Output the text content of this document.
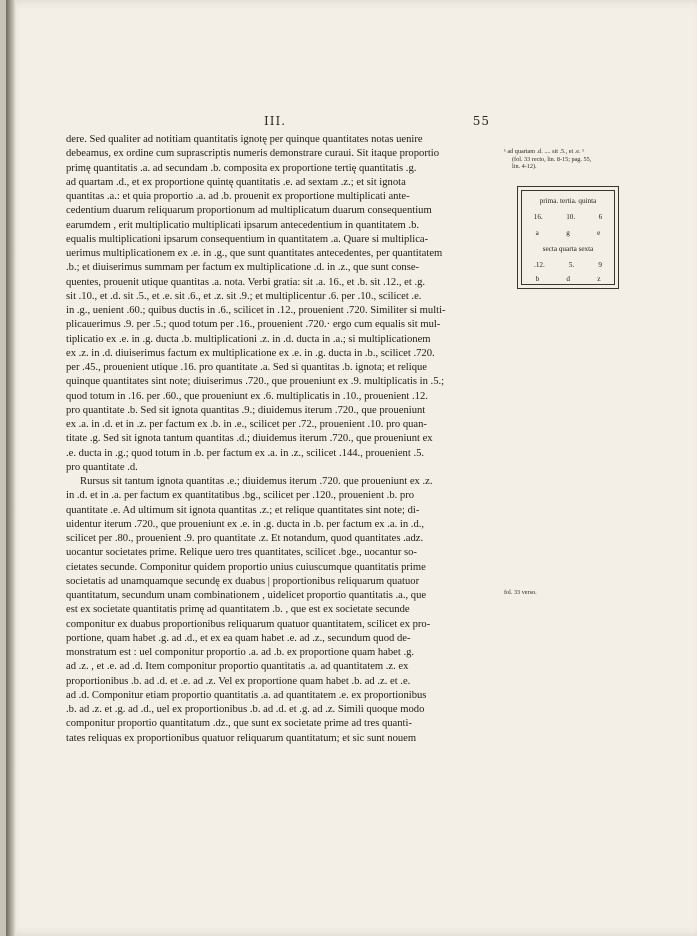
III.	55

dere. Sed qualiter ad notitiam quantitatis ignotę per quinque quantitates notas uenire

debeamus, ex ordine cum suprascriptis numeris demonstrare curaui. Sit itaque proportio

primę quantitatis .a. ad secundam .b. composita ex proportione tertię quantitatis .g.

ad quartam .d., et ex proportione quintę quantitatis .e. ad sextam .z.; et sit ignota

quantitas .a.: et quia proportio .a. ad .b. prouenit ex proportione multiplicati ante-

cedentium duarum reliquarum proportionum ad multiplicatum duarum consequentium

earumdem , erit multiplicatio multiplicati ipsarum antecedentium in quantitatem .b.

equalis multiplicationi ipsarum consequentium in quantitatem .a. Quare si multiplica-

uerimus multiplicationem ex .e. in .g., que sunt quantitates antecedentes, per quantitatem

.b.; et diuiserimus summam per factum ex multiplicatione .d. in .z., que sunt conse-

quentes, prouenit utique quantitas .a. nota. Verbi gratia: sit .a. 16., et .b. sit .12., et .g.

sit .10., et .d. sit .5., et .e. sit .6., et .z. sit .9.; et multiplicentur .6. per .10., scilicet .e.

in .g., uenient .60.; quibus ductis in .6., scilicet in .12., prouenient .720. Similiter si multi-

plicauerimus .9. per .5.; quod totum per .16., prouenient .720.· ergo cum equalis sit mul-

tiplicatio ex .e. in .g. ducta .b. multiplicationi .z. in .d. ducta in .a.; si multiplicationem

ex .z. in .d. diuiserimus factum ex multiplicatione ex .e. in .g. ducta in .b., scilicet .720.

per .45., prouenient utique .16. pro quantitate .a. Sed si quantitas .b. ignota; et relique

quinque quantitates sint note; diuiserimus .720., que proueniunt ex .9. multiplicatis in .5.;

quod totum in .16. per .60., que proueniunt ex .6. multiplicatis in .10., prouenient .12.

pro quantitate .b. Sed sit ignota quantitas .9.; diuidemus iterum .720., que proueniunt

ex .a. in .d. et in .z. per factum ex .b. in .e., scilicet per .72., prouenient .10. pro quan-

titate .g. Sed sit ignota tantum quantitas .d.; diuidemus iterum .720., que proueniunt ex

.e. ducta in .g.; quod totum in .b. per factum ex .a. in .z., scilicet .144., prouenient .5.

pro quantitate .d.

Rursus sit tantum ignota quantitas .e.; diuidemus iterum .720. que proueniunt ex .z.

in .d. et in .a. per factum ex quantitatibus .bg., scilicet per .120., prouenient .b. pro

quantitate .e. Ad ultimum sit ignota quantitas .z.; et relique quantitates sint note; di-

uidentur iterum .720., que proueniunt ex .e. in .g. ducta in .b. per factum ex .a. in .d.,

scilicet per .80., prouenient .9. pro quantitate .z. Et notandum, quod quantitates .adz.

uocantur societates prime. Relique uero tres quantitates, scilicet .bge., uocantur so-

cietates secunde. Componitur quidem proportio unius cuiuscumque quantitatis prime

societatis ad unamquamque secundę ex duabus | proportionibus reliquarum quatuor

quantitatum, secundum unam combinationem , uidelicet proportio quantitatis .a., que

est ex societate quantitatis primę ad quantitatem .b. , que est ex societate secunde

componitur ex duabus proportionibus reliquarum quatuor quantitatem, scilicet ex pro-

portione, quam habet .g. ad .d., et ex ea quam habet .e. ad .z., secundum quod de-

monstratum est : uel componitur proportio .a. ad .b. ex proportione quam habet .g.

ad .z. , et .e. ad .d. Item componitur proportio quantitatis .a. ad quantitatem .z. ex

proportionibus .b. ad .d. et .e. ad .z. Vel ex proportione quam habet .b. ad .z. et .e.

ad .d. Componitur etiam proportio quantitatis .a. ad quantitatem .e. ex proportionibus

.b. ad .z. et .g. ad .d., uel ex proportionibus .b. ad .d. et .g. ad .z. Simili quoque modo

componitur proportio quantitatum .dz., que sunt ex societate prime ad tres quanti-

tates reliquas ex proportionibus quatuor reliquarum quantitatum; et sic sunt nouem

¹ ad quartam .d. .... sit .5., et .e. ¹
(fol. 33 recto, lin. 8-15; pag. 55,
lin. 4-12).
fol. 33 verso.
prima. tertia. quinta
16.	10.	6
a	g	e
secta quarta sexta
.12.	5.	9
b	d	z
